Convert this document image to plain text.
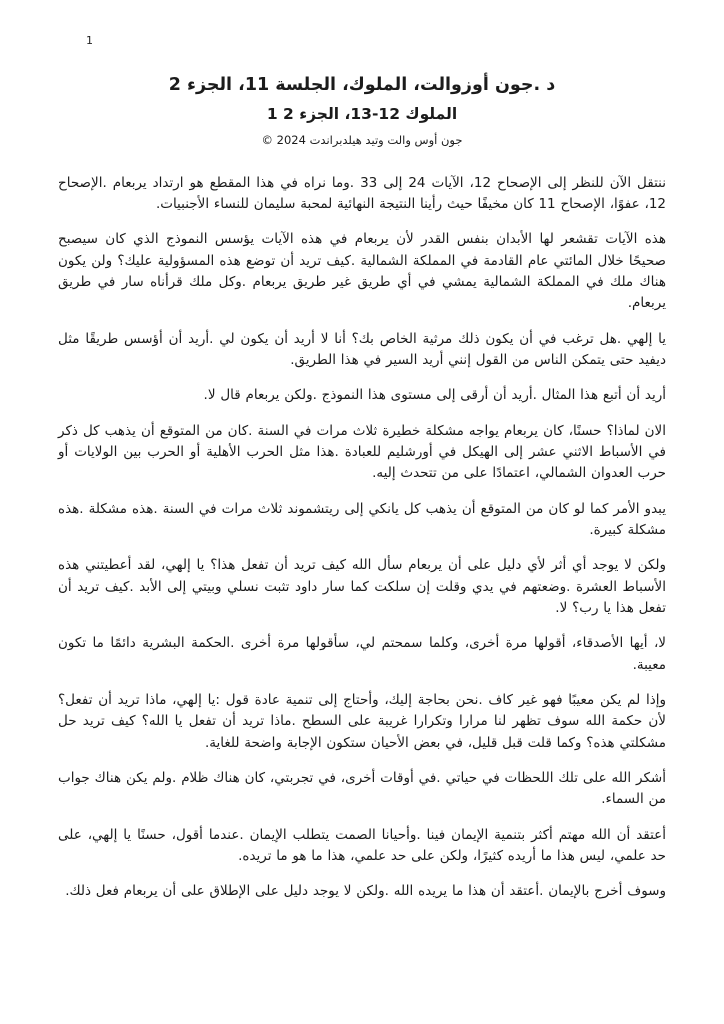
1
د .جون أوزوالت، الملوك، الجلسة 11، الجزء 2
الملوك 12-13، الجزء 2 1
جون أوس والت وتيد هيلدبراندت 2024 ©

ننتقل الآن للنظر إلى الإصحاح 12، الآيات 24 إلى 33 .وما نراه في هذا المقطع هو ارتداد يربعام .الإصحاح 12، عفوًا، الإصحاح 11 كان مخيفًا حيث رأينا النتيجة النهائية لمحبة سليمان للنساء الأجنبيات.

هذه الآيات تقشعر لها الأبدان بنفس القدر لأن يربعام في هذه الآيات يؤسس النموذج الذي كان سيصبح صحيحًا خلال المائتي عام القادمة في المملكة الشمالية .كيف تريد أن توضع هذه المسؤولية عليك؟ ولن يكون هناك ملك في المملكة الشمالية يمشي في أي طريق غير طريق يربعام .وكل ملك قرأناه سار في طريق يربعام.

يا إلهي .هل ترغب في أن يكون ذلك مرثية الخاص بك؟ أنا لا أريد أن يكون لي .أريد أن أؤسس طريقًا مثل ديفيد حتى يتمكن الناس من القول إنني أريد السير في هذا الطريق.

أريد أن أتبع هذا المثال .أريد أن أرقى إلى مستوى هذا النموذج .ولكن يربعام قال لا.

الان لماذا؟ حسنًا، كان يربعام يواجه مشكلة خطيرة ثلاث مرات في السنة .كان من المتوقع أن يذهب كل ذكر في الأسباط الاثني عشر إلى الهيكل في أورشليم للعبادة .هذا مثل الحرب الأهلية أو الحرب بين الولايات أو حرب العدوان الشمالي، اعتمادًا على من تتحدث إليه.

يبدو الأمر كما لو كان من المتوقع أن يذهب كل يانكي إلى ريتشموند ثلاث مرات في السنة .هذه مشكلة .هذه مشكلة كبيرة.

ولكن لا يوجد أي أثر لأي دليل على أن يربعام سأل الله كيف تريد أن تفعل هذا؟ يا إلهي، لقد أعطيتني هذه الأسباط العشرة .وضعتهم في يدي وقلت إن سلكت كما سار داود تثبت نسلي وبيتي إلى الأبد .كيف تريد أن تفعل هذا يا رب؟ لا.

لا، أيها الأصدقاء، أقولها مرة أخرى، وكلما سمحتم لي، سأقولها مرة أخرى .الحكمة البشرية دائمًا ما تكون معيبة.

وإذا لم يكن معيبًا فهو غير كاف .نحن بحاجة إليك، وأحتاج إلى تنمية عادة قول :يا إلهي، ماذا تريد أن تفعل؟ لأن حكمة الله سوف تظهر لنا مرارا وتكرارا غريبة على السطح .ماذا تريد أن تفعل يا الله؟ كيف تريد حل مشكلتي هذه؟ وكما قلت قبل قليل، في بعض الأحيان ستكون الإجابة واضحة للغاية.

أشكر الله على تلك اللحظات في حياتي .في أوقات أخرى، في تجربتي، كان هناك ظلام .ولم يكن هناك جواب من السماء.

أعتقد أن الله مهتم أكثر بتنمية الإيمان فينا .وأحيانا الصمت يتطلب الإيمان .عندما أقول، حسنًا يا إلهي، على حد علمي، ليس هذا ما أريده كثيرًا، ولكن على حد علمي، هذا ما هو ما تريده.

وسوف أخرج بالإيمان .أعتقد أن هذا ما يريده الله .ولكن لا يوجد دليل على الإطلاق على أن يربعام فعل ذلك.
